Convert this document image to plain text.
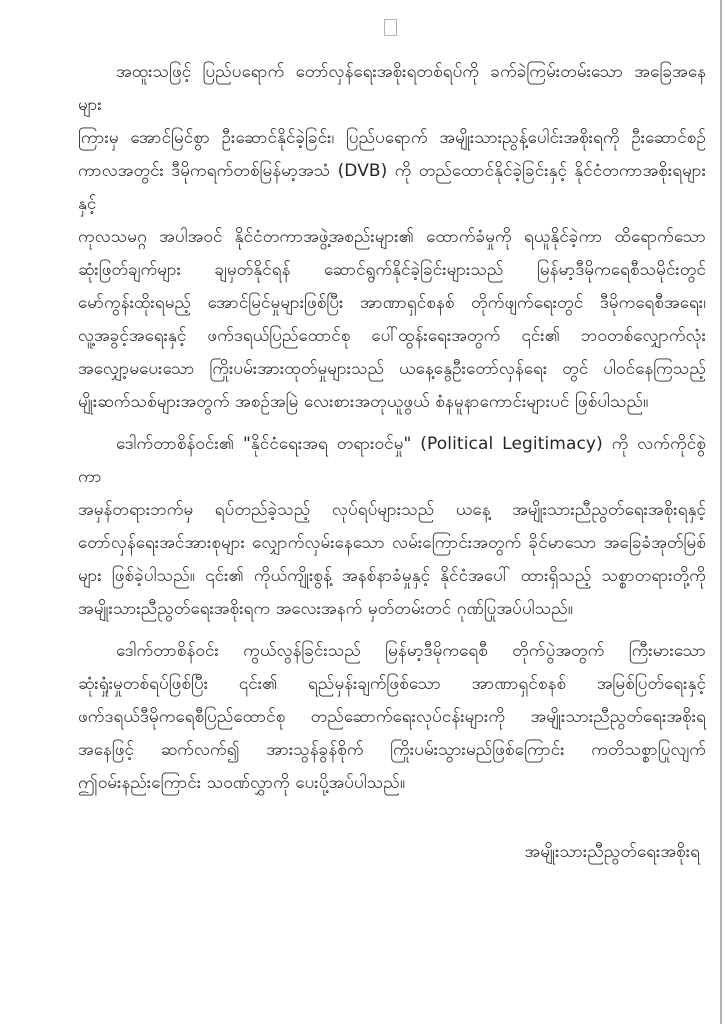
အထူးသဖြင့် ပြည်ပရောက် တော်လှန်ရေးအစိုးရတစ်ရပ်ကို ခက်ခဲကြမ်းတမ်းသော အခြေအနေများ
ကြားမှ အောင်မြင်စွာ ဦးဆောင်နိုင်ခဲ့ခြင်း၊ ပြည်ပရောက် အမျိုးသားညွန့်ပေါင်းအစိုးရကို ဦးဆောင်စဉ်
ကာလအတွင်း ဒီမိုကရက်တစ်မြန်မာ့အသံ (DVB) ကို တည်ထောင်နိုင်ခဲ့ခြင်းနှင့် နိုင်ငံတကာအစိုးရများနှင့်
ကုလသမဂ္ဂ အပါအဝင် နိုင်ငံတကာအဖွဲ့အစည်းများ၏ ထောက်ခံမှုကို ရယူနိုင်ခဲ့ကာ ထိရောက်သော
ဆုံးဖြတ်ချက်များ ချမှတ်နိုင်ရန် ဆောင်ရွက်နိုင်ခဲ့ခြင်းများသည် မြန်မာ့ဒီမိုကရေစီသမိုင်းတွင်
မော်ကွန်းထိုးရမည့် အောင်မြင်မှုများဖြစ်ပြီး အာဏာရှင်စနစ် တိုက်ဖျက်ရေးတွင် ဒီမိုကရေစီအရေး၊
လူ့အခွင့်အရေးနှင့် ဖက်ဒရယ်ပြည်ထောင်စု ပေါ်ထွန်းရေးအတွက် ၎င်း၏ ဘဝတစ်လျှောက်လုံး
အလျှော့မပေးသော ကြိုးပမ်းအားထုတ်မှုများသည် ယနေ့နွေဦးတော်လှန်ရေး တွင် ပါဝင်နေကြသည့်
မျိုးဆက်သစ်များအတွက် အစဉ်အမြဲ လေးစားအတုယူဖွယ် စံနမူနာကောင်းများပင် ဖြစ်ပါသည်။
ဒေါက်တာစိန်ဝင်း၏ "နိုင်ငံရေးအရ တရားဝင်မှု" (Political Legitimacy) ကို လက်ကိုင်စွဲကာ
အမှန်တရားဘက်မှ ရပ်တည်ခဲ့သည့် လုပ်ရပ်များသည် ယနေ့ အမျိုးသားညီညွတ်ရေးအစိုးရနှင့်
တော်လှန်ရေးအင်အားစုများ လျှောက်လှမ်းနေသော လမ်းကြောင်းအတွက် ခိုင်မာသော အခြေခံအုတ်မြစ်
များ ဖြစ်ခဲ့ပါသည်။ ၎င်း၏ ကိုယ်ကျိုးစွန့် အနစ်နာခံမှုနှင့် နိုင်ငံအပေါ် ထားရှိသည့် သစ္စာတရားတို့ကို
အမျိုးသားညီညွတ်ရေးအစိုးရက အလေးအနက် မှတ်တမ်းတင် ဂုဏ်ပြုအပ်ပါသည်။
ဒေါက်တာစိန်ဝင်း ကွယ်လွန်ခြင်းသည် မြန်မာ့ဒီမိုကရေစီ တိုက်ပွဲအတွက် ကြီးမားသော
ဆုံးရှုံးမှုတစ်ရပ်ဖြစ်ပြီး ၎င်း၏ ရည်မှန်းချက်ဖြစ်သော အာဏာရှင်စနစ် အမြစ်ပြတ်ရေးနှင့်
ဖက်ဒရယ်ဒီမိုကရေစီပြည်ထောင်စု တည်ဆောက်ရေးလုပ်ငန်းများကို အမျိုးသားညီညွတ်ရေးအစိုးရ
အနေဖြင့် ဆက်လက်၍ အားသွန်ခွန်စိုက် ကြိုးပမ်းသွားမည်ဖြစ်ကြောင်း ကတိသစ္စာပြုလျက်
ဤဝမ်းနည်းကြောင်း သဝဏ်လွှာကို ပေးပို့အပ်ပါသည်။
အမျိုးသားညီညွတ်ရေးအစိုးရ
